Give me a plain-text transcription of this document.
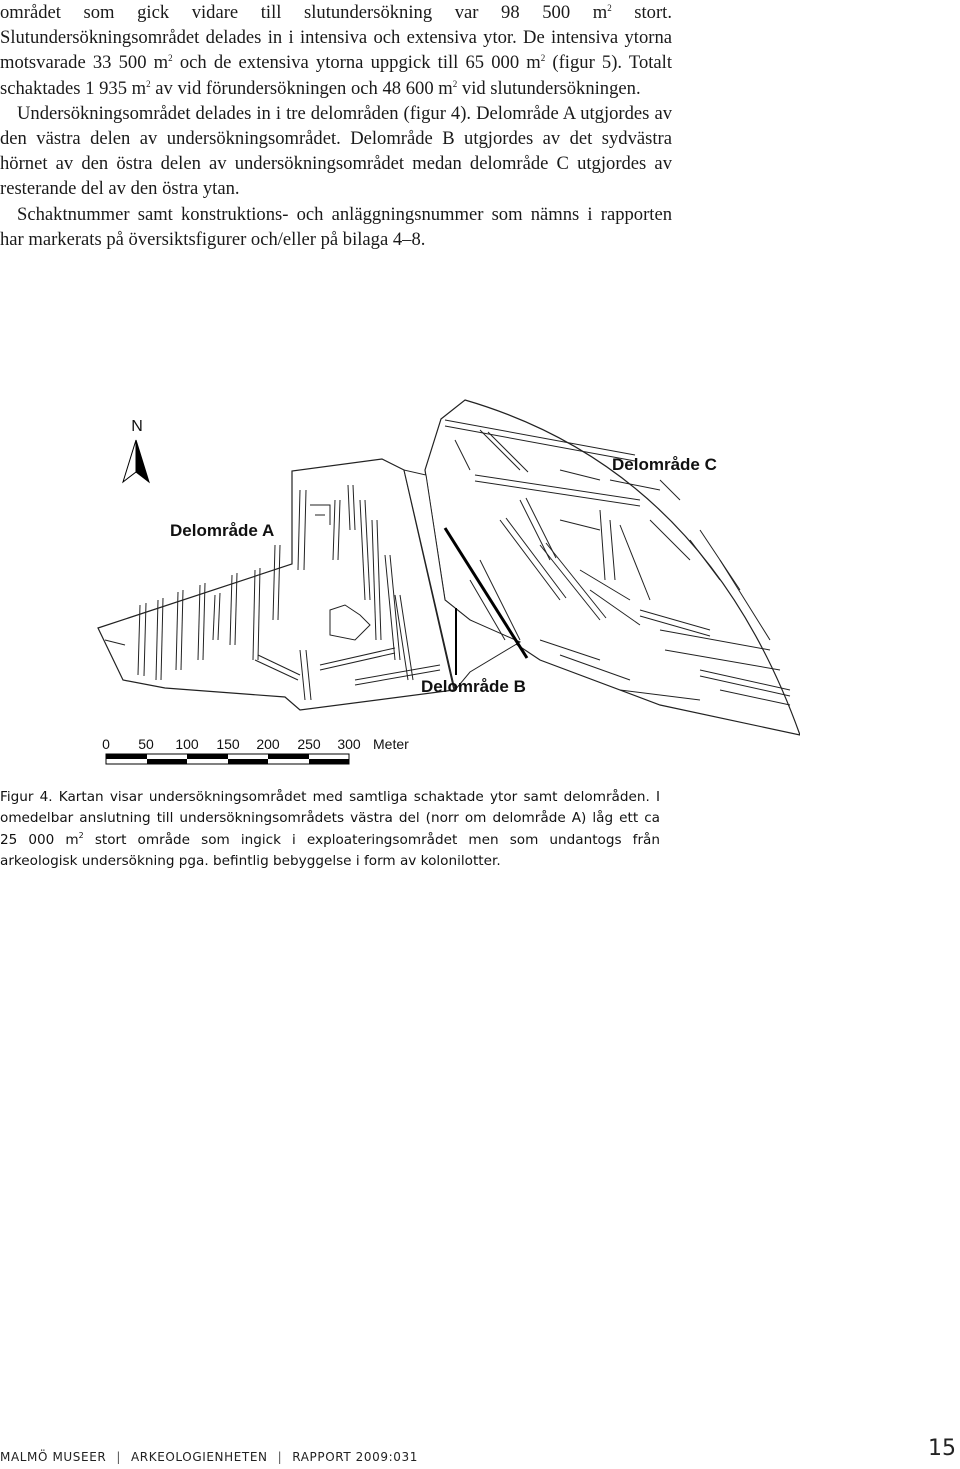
området som gick vidare till slutundersökning var 98 500 $m^2$ stort. Slutundersökningsområdet delades in i intensiva och extensiva ytor. De intensiva ytorna motsvarade 33 500 $m^2$ och de extensiva ytorna uppgick till 65 000 $m^2$ (figur 5). Totalt schaktades 1 935 $m^2$ av vid förundersökningen och 48 600 $m^2$ vid slutundersökningen.

Undersökningsområdet delades in i tre delområden (figur 4). Delområde A utgjordes av den västra delen av undersökningsområdet. Delområde B utgjordes av det sydvästra hörnet av den östra delen av undersökningsområdet medan delområde C utgjordes av resterande del av den östra ytan.

Schaktnummer samt konstruktions- och anläggningsnummer som nämns i rapporten har markerats på översiktsfigurer och/eller på bilaga 4–8.

N
Delområde A
Delområde B
Delområde C
0 50 100 150 200 250 300 Meter
Figur 4. Kartan visar undersökningsområdet med samtliga schaktade ytor samt delområden. I omedelbar anslutning till undersökningsområdets västra del (norr om delområde A) låg ett ca 25 000 $m^2$ stort område som ingick i exploateringsområdet men som undantogs från arkeologisk undersökning pga. befintlig bebyggelse i form av kolonilotter.
MALMÖ MUSEER | ARKEOLOGIENHETEN | RAPPORT 2009:031	15
